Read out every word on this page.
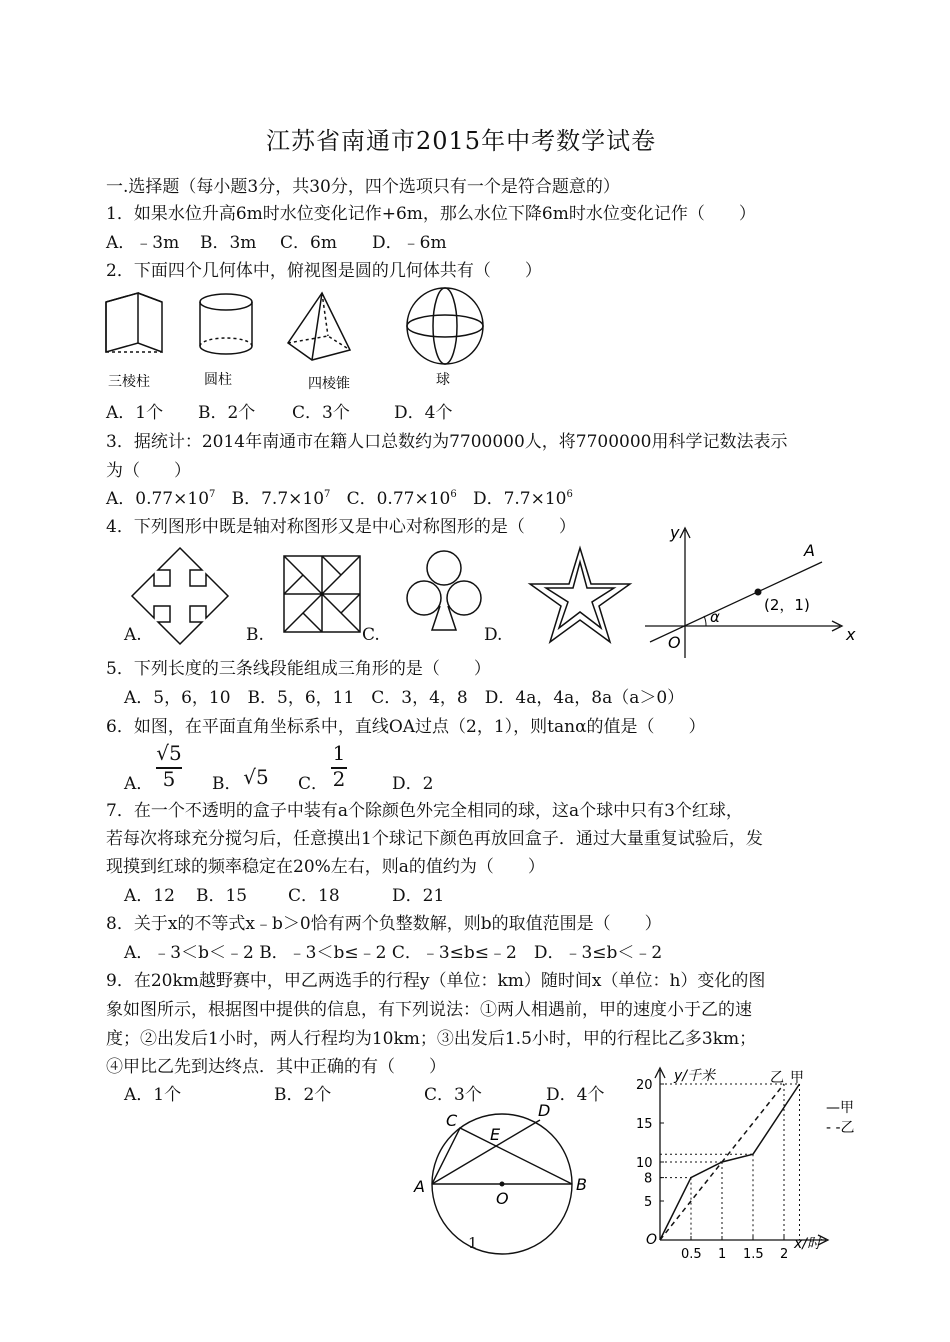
江苏省南通市2015年中考数学试卷
一.选择题（每小题3分，共30分，四个选项只有一个是符合题意的）
1．如果水位升高6m时水位变化记作+6m，那么水位下降6m时水位变化记作（　　）
A．﹣3m B．3m C．6m D．﹣6m
2．下面四个几何体中，俯视图是圆的几何体共有（　　）
三棱柱	圆柱	四棱锥	球
A．1个 B．2个 C．3个	D．4个
3．据统计：2014年南通市在籍人口总数约为7700000人，将7700000用科学记数法表示
为（　　）
A．$0.77\times 10^7$ B．$7.7\times 10^7$ C．$0.77\times 10^6$ D．$7.7\times 10^6$
4．下列图形中既是轴对称图形又是中心对称图形的是（　　）
A.	B.	C.	D.
y
x
O
A
α
(2，1)
5．下列长度的三条线段能组成三角形的是（　　）
A．5，6，10　B．5，6，11　C．3，4，8　D．4a，4a，8a（a＞0）
6．如图，在平面直角坐标系中，直线OA过点（2，1），则tanα的值是（　　）
A．
√5
5	B． √5	C．
1
2	D．2
7．在一个不透明的盒子中装有a个除颜色外完全相同的球，这a个球中只有3个红球，
若每次将球充分搅匀后，任意摸出1个球记下颜色再放回盒子．通过大量重复试验后，发
现摸到红球的频率稳定在20%左右，则a的值约为（　　）
A．12 B．15 C．18	D．21
8．关于x的不等式x﹣b＞0恰有两个负整数解，则b的取值范围是（　　）
A．﹣3＜b＜﹣2 B．﹣3＜b≤﹣2 C．﹣3≤b≤﹣2　D．﹣3≤b＜﹣2
9．在20km越野赛中，甲乙两选手的行程y（单位：km）随时间x（单位：h）变化的图
象如图所示，根据图中提供的信息，有下列说法：①两人相遇前，甲的速度小于乙的速
度；②出发后1小时，两人行程均为10km；③出发后1.5小时，甲的行程比乙多3km；
④甲比乙先到达终点．其中正确的有（　　）
A．1个	B．2个	C．3个	D．4个
A	B
C
D
E
O
0.5 1 1.5 2
5
8
10
15
20
y/千米
x/时
O
乙 甲
—甲
- -乙
1
